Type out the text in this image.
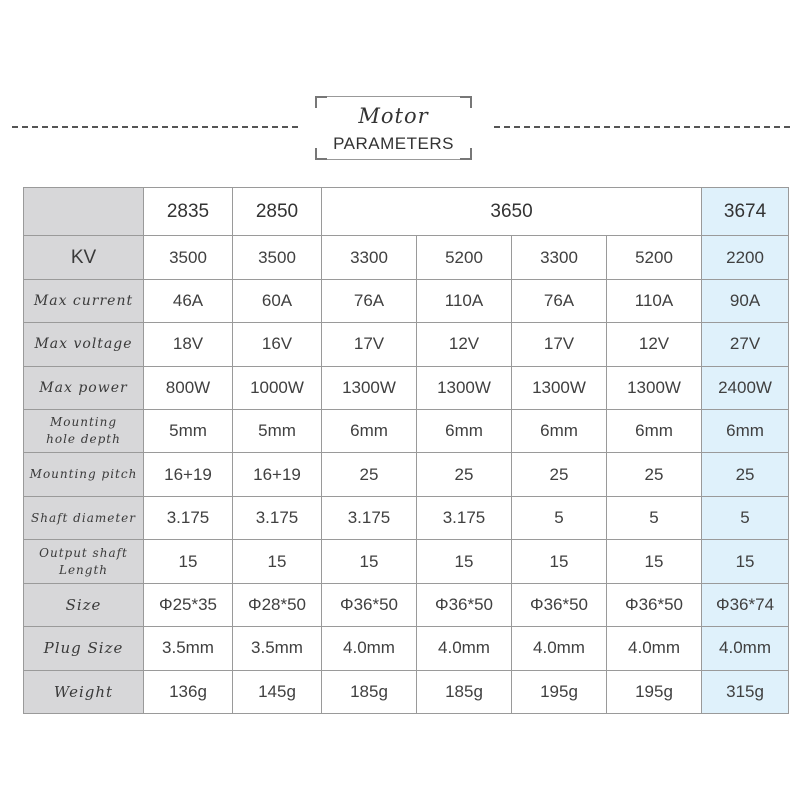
Motor
PARAMETERS
	2835	2850	3650				3674
KV	3500	3500	3300	5200	3300	5200	2200
Max current	46A	60A	76A	110A	76A	110A	90A
Max voltage	18V	16V	17V	12V	17V	12V	27V
Max power	800W	1000W	1300W	1300W	1300W	1300W	2400W
Mounting
hole depth	5mm	5mm	6mm	6mm	6mm	6mm	6mm
Mounting pitch	16+19	16+19	25	25	25	25	25
Shaft diameter	3.175	3.175	3.175	3.175	5	5	5
Output shaft
Length	15	15	15	15	15	15	15
Size	Φ25*35	Φ28*50	Φ36*50	Φ36*50	Φ36*50	Φ36*50	Φ36*74
Plug Size	3.5mm	3.5mm	4.0mm	4.0mm	4.0mm	4.0mm	4.0mm
Weight	136g	145g	185g	185g	195g	195g	315g
